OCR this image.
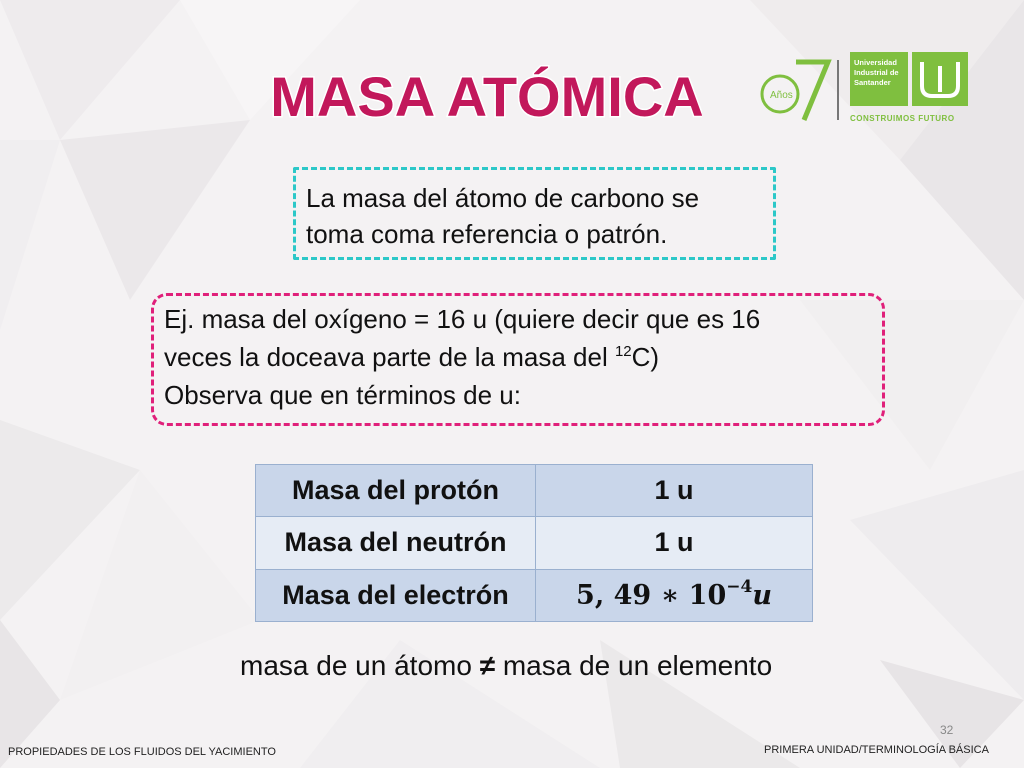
MASA ATÓMICA	Años
Universidad
Industrial de
Santander
CONSTRUIMOS FUTURO
La masa del átomo de carbono se
toma coma referencia o patrón.
Ej. masa del oxígeno = 16 u (quiere decir que es 16
veces la doceava parte de la masa del $^{12}$C)
Observa que en términos de u:
Masa del protón	1 u
Masa del neutrón	1 u
Masa del electrón	5, 49 ∗ $10^{-4}u$
masa de un átomo ≠ masa de un elemento
32
PROPIEDADES DE LOS FLUIDOS DEL YACIMIENTO	PRIMERA UNIDAD/TERMINOLOGÍA BÁSICA
